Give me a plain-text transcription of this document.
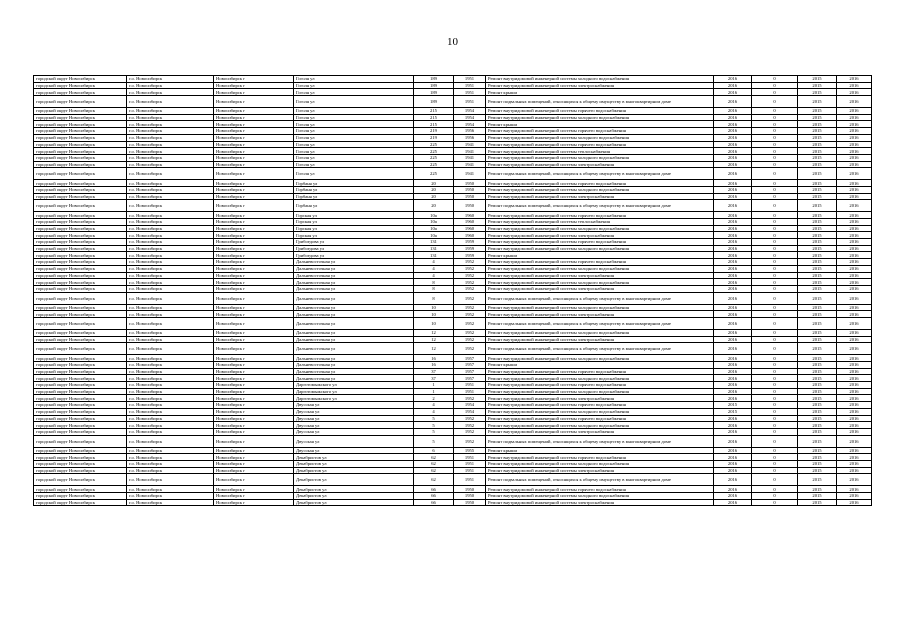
10
городской округ Новосибирск	г.о. Новосибирск	Новосибирск г	Гоголя ул	189	1951	Ремонт внутридомовой инженерной системы холодного водоснабжения	2016	0	2015	2016
городской округ Новосибирск	г.о. Новосибирск	Новосибирск г	Гоголя ул	189	1951	Ремонт внутридомовой инженерной системы электроснабжения	2016	0	2015	2016
городской округ Новосибирск	г.о. Новосибирск	Новосибирск г	Гоголя ул	189	1951	Ремонт крыши	2016	0	2015	2016
городской округ Новосибирск	г.о. Новосибирск	Новосибирск г	Гоголя ул	189	1951	Ремонт подвальных помещений, относящихся к общему имуществу в многоквартирном доме	2016	0	2015	2016
городской округ Новосибирск	г.о. Новосибирск	Новосибирск г	Гоголя ул	215	1954	Ремонт внутридомовой инженерной системы горячего водоснабжения	2016	0	2015	2016
городской округ Новосибирск	г.о. Новосибирск	Новосибирск г	Гоголя ул	215	1954	Ремонт внутридомовой инженерной системы холодного водоснабжения	2016	0	2015	2016
городской округ Новосибирск	г.о. Новосибирск	Новосибирск г	Гоголя ул	215	1954	Ремонт крыши	2016	0	2015	2016
городской округ Новосибирск	г.о. Новосибирск	Новосибирск г	Гоголя ул	219	1956	Ремонт внутридомовой инженерной системы горячего водоснабжения	2016	0	2015	2016
городской округ Новосибирск	г.о. Новосибирск	Новосибирск г	Гоголя ул	219	1956	Ремонт внутридомовой инженерной системы холодного водоснабжения	2016	0	2015	2016
городской округ Новосибирск	г.о. Новосибирск	Новосибирск г	Гоголя ул	225	1941	Ремонт внутридомовой инженерной системы горячего водоснабжения	2016	0	2015	2016
городской округ Новосибирск	г.о. Новосибирск	Новосибирск г	Гоголя ул	225	1941	Ремонт внутридомовой инженерной системы теплоснабжения	2016	0	2015	2016
городской округ Новосибирск	г.о. Новосибирск	Новосибирск г	Гоголя ул	225	1941	Ремонт внутридомовой инженерной системы холодного водоснабжения	2016	0	2015	2016
городской округ Новосибирск	г.о. Новосибирск	Новосибирск г	Гоголя ул	225	1941	Ремонт внутридомовой инженерной системы электроснабжения	2016	0	2015	2016
городской округ Новосибирск	г.о. Новосибирск	Новосибирск г	Гоголя ул	225	1941	Ремонт подвальных помещений, относящихся к общему имуществу в многоквартирном доме	2016	0	2015	2016
городской округ Новосибирск	г.о. Новосибирск	Новосибирск г	Горбаня ул	20	1950	Ремонт внутридомовой инженерной системы горячего водоснабжения	2016	0	2015	2016
городской округ Новосибирск	г.о. Новосибирск	Новосибирск г	Горбаня ул	20	1950	Ремонт внутридомовой инженерной системы холодного водоснабжения	2016	0	2015	2016
городской округ Новосибирск	г.о. Новосибирск	Новосибирск г	Горбаня ул	20	1950	Ремонт внутридомовой инженерной системы электроснабжения	2016	0	2015	2016
городской округ Новосибирск	г.о. Новосибирск	Новосибирск г	Горбаня ул	20	1950	Ремонт подвальных помещений, относящихся к общему имуществу в многоквартирном доме	2016	0	2015	2016
городской округ Новосибирск	г.о. Новосибирск	Новосибирск г	Горская ул	10а	1960	Ремонт внутридомовой инженерной системы горячего водоснабжения	2016	0	2015	2016
городской округ Новосибирск	г.о. Новосибирск	Новосибирск г	Горская ул	10а	1960	Ремонт внутридомовой инженерной системы теплоснабжения	2016	0	2015	2016
городской округ Новосибирск	г.о. Новосибирск	Новосибирск г	Горская ул	10а	1960	Ремонт внутридомовой инженерной системы холодного водоснабжения	2016	0	2015	2016
городской округ Новосибирск	г.о. Новосибирск	Новосибирск г	Горская ул	10а	1960	Ремонт внутридомовой инженерной системы электроснабжения	2016	0	2015	2016
городской округ Новосибирск	г.о. Новосибирск	Новосибирск г	Грибоедова ул	131	1959	Ремонт внутридомовой инженерной системы горячего водоснабжения	2016	0	2015	2016
городской округ Новосибирск	г.о. Новосибирск	Новосибирск г	Грибоедова ул	131	1959	Ремонт внутридомовой инженерной системы холодного водоснабжения	2016	0	2015	2016
городской округ Новосибирск	г.о. Новосибирск	Новосибирск г	Грибоедова ул	131	1959	Ремонт крыши	2016	0	2015	2016
городской округ Новосибирск	г.о. Новосибирск	Новосибирск г	Дальневосточная ул	4	1952	Ремонт внутридомовой инженерной системы горячего водоснабжения	2016	0	2015	2016
городской округ Новосибирск	г.о. Новосибирск	Новосибирск г	Дальневосточная ул	4	1952	Ремонт внутридомовой инженерной системы холодного водоснабжения	2016	0	2015	2016
городской округ Новосибирск	г.о. Новосибирск	Новосибирск г	Дальневосточная ул	4	1952	Ремонт внутридомовой инженерной системы электроснабжения	2016	0	2015	2016
городской округ Новосибирск	г.о. Новосибирск	Новосибирск г	Дальневосточная ул	8	1952	Ремонт внутридомовой инженерной системы холодного водоснабжения	2016	0	2015	2016
городской округ Новосибирск	г.о. Новосибирск	Новосибирск г	Дальневосточная ул	8	1952	Ремонт внутридомовой инженерной системы электроснабжения	2016	0	2015	2016
городской округ Новосибирск	г.о. Новосибирск	Новосибирск г	Дальневосточная ул	8	1952	Ремонт подвальных помещений, относящихся к общему имуществу в многоквартирном доме	2016	0	2015	2016
городской округ Новосибирск	г.о. Новосибирск	Новосибирск г	Дальневосточная ул	10	1952	Ремонт внутридомовой инженерной системы холодного водоснабжения	2016	0	2015	2016
городской округ Новосибирск	г.о. Новосибирск	Новосибирск г	Дальневосточная ул	10	1952	Ремонт внутридомовой инженерной системы электроснабжения	2016	0	2015	2016
городской округ Новосибирск	г.о. Новосибирск	Новосибирск г	Дальневосточная ул	10	1952	Ремонт подвальных помещений, относящихся к общему имуществу в многоквартирном доме	2016	0	2015	2016
городской округ Новосибирск	г.о. Новосибирск	Новосибирск г	Дальневосточная ул	12	1952	Ремонт внутридомовой инженерной системы холодного водоснабжения	2016	0	2015	2016
городской округ Новосибирск	г.о. Новосибирск	Новосибирск г	Дальневосточная ул	12	1952	Ремонт внутридомовой инженерной системы электроснабжения	2016	0	2015	2016
городской округ Новосибирск	г.о. Новосибирск	Новосибирск г	Дальневосточная ул	12	1952	Ремонт подвальных помещений, относящихся к общему имуществу в многоквартирном доме	2016	0	2015	2016
городской округ Новосибирск	г.о. Новосибирск	Новосибирск г	Дальневосточная ул	16	1957	Ремонт внутридомовой инженерной системы холодного водоснабжения	2016	0	2015	2016
городской округ Новосибирск	г.о. Новосибирск	Новосибирск г	Дальневосточная ул	16	1957	Ремонт крыши	2016	0	2015	2016
городской округ Новосибирск	г.о. Новосибирск	Новосибирск г	Дальневосточная ул	37	1957	Ремонт внутридомовой инженерной системы горячего водоснабжения	2016	0	2015	2016
городской округ Новосибирск	г.о. Новосибирск	Новосибирск г	Дальневосточная ул	37	1957	Ремонт внутридомовой инженерной системы холодного водоснабжения	2016	0	2015	2016
городской округ Новосибирск	г.о. Новосибирск	Новосибирск г	Дарготомыжского ул	1	1951	Ремонт внутридомовой инженерной системы горячего водоснабжения	2016	0	2015	2016
городской округ Новосибирск	г.о. Новосибирск	Новосибирск г	Дарготомыжского ул	1	1951	Ремонт внутридомовой инженерной системы холодного водоснабжения	2016	0	2015	2016
городской округ Новосибирск	г.о. Новосибирск	Новосибирск г	Дарготомыжского ул	2	1952	Ремонт внутридомовой инженерной системы электроснабжения	2016	0	2015	2016
городской округ Новосибирск	г.о. Новосибирск	Новосибирск г	Двусская ул	4	1954	Ремонт внутридомовой инженерной системы горячего водоснабжения	2015	0	2015	2016
городской округ Новосибирск	г.о. Новосибирск	Новосибирск г	Двусская ул	4	1954	Ремонт внутридомовой инженерной системы холодного водоснабжения	2015	0	2015	2016
городской округ Новосибирск	г.о. Новосибирск	Новосибирск г	Двусская ул	5	1952	Ремонт внутридомовой инженерной системы горячего водоснабжения	2016	0	2015	2016
городской округ Новосибирск	г.о. Новосибирск	Новосибирск г	Двусская ул	5	1952	Ремонт внутридомовой инженерной системы холодного водоснабжения	2016	0	2015	2016
городской округ Новосибирск	г.о. Новосибирск	Новосибирск г	Двусская ул	5	1952	Ремонт внутридомовой инженерной системы электроснабжения	2016	0	2015	2016
городской округ Новосибирск	г.о. Новосибирск	Новосибирск г	Двусская ул	5	1952	Ремонт подвальных помещений, относящихся к общему имуществу в многоквартирном доме	2016	0	2015	2016
городской округ Новосибирск	г.о. Новосибирск	Новосибирск г	Двусская ул	6	1955	Ремонт крыши	2016	0	2015	2016
городской округ Новосибирск	г.о. Новосибирск	Новосибирск г	Декабристов ул	62	1951	Ремонт внутридомовой инженерной системы горячего водоснабжения	2016	0	2015	2016
городской округ Новосибирск	г.о. Новосибирск	Новосибирск г	Декабристов ул	62	1951	Ремонт внутридомовой инженерной системы холодного водоснабжения	2016	0	2015	2016
городской округ Новосибирск	г.о. Новосибирск	Новосибирск г	Декабристов ул	62	1951	Ремонт внутридомовой инженерной системы электроснабжения	2016	0	2015	2016
городской округ Новосибирск	г.о. Новосибирск	Новосибирск г	Декабристов ул	62	1951	Ремонт подвальных помещений, относящихся к общему имуществу в многоквартирном доме	2016	0	2015	2016
городской округ Новосибирск	г.о. Новосибирск	Новосибирск г	Декабристов ул	66	1950	Ремонт внутридомовой инженерной системы горячего водоснабжения	2016	0	2015	2016
городской округ Новосибирск	г.о. Новосибирск	Новосибирск г	Декабристов ул	66	1950	Ремонт внутридомовой инженерной системы холодного водоснабжения	2016	0	2015	2016
городской округ Новосибирск	г.о. Новосибирск	Новосибирск г	Декабристов ул	66	1950	Ремонт внутридомовой инженерной системы электроснабжения	2016	0	2015	2016
